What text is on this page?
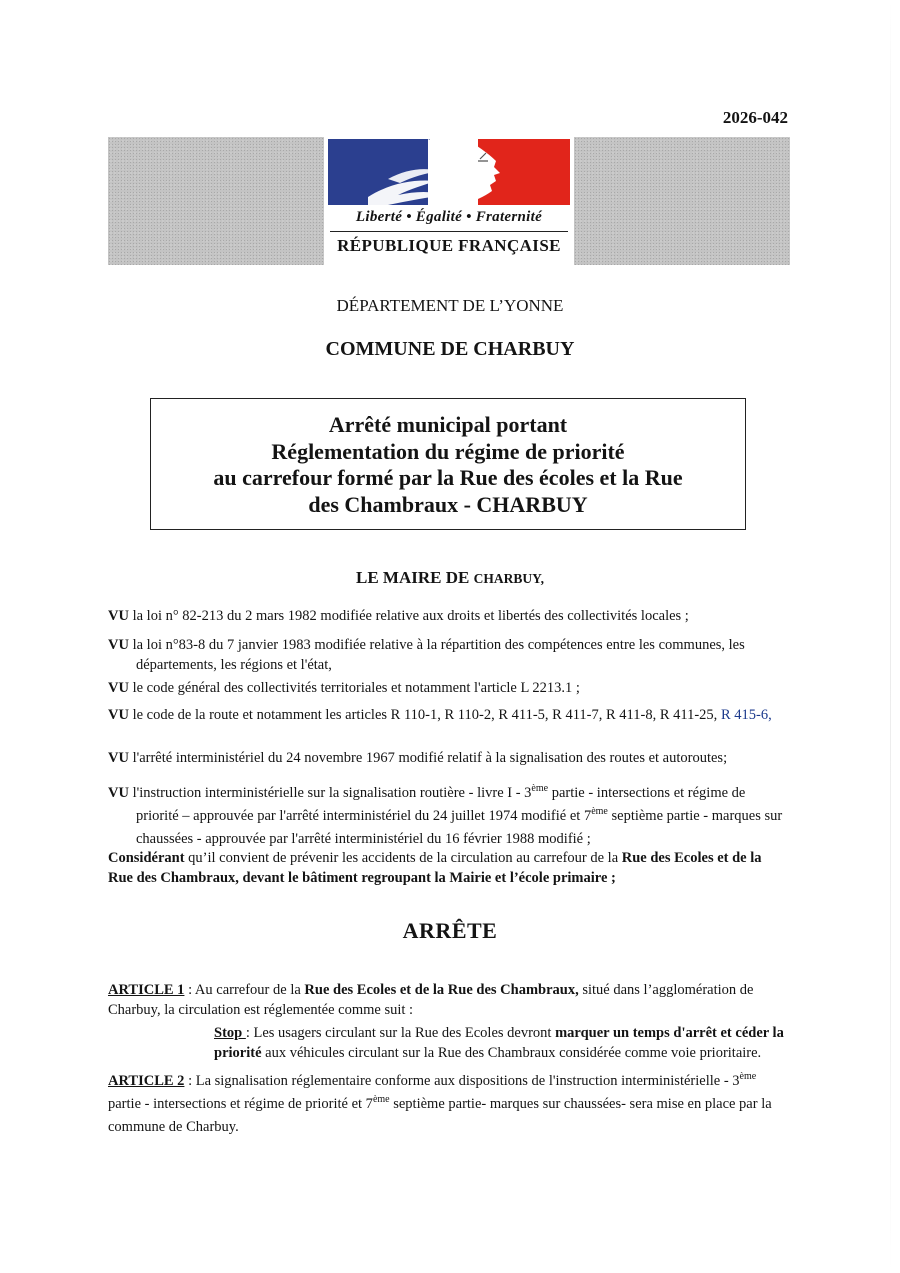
2026-042
Liberté • Égalité • Fraternité
RÉPUBLIQUE FRANÇAISE
DÉPARTEMENT DE L’YONNE
COMMUNE DE CHARBUY
Arrêté municipal portant
Réglementation du régime de priorité
au carrefour formé par la Rue des écoles et la Rue
des Chambraux - CHARBUY
LE MAIRE DE CHARBUY,
VU la loi n° 82-213 du 2 mars 1982 modifiée relative aux droits et libertés des collectivités locales ;
VU la loi n°83-8 du 7 janvier 1983 modifiée relative à la répartition des compétences entre les communes, les départements, les régions et l'état,
VU le code général des collectivités territoriales et notamment l'article L 2213.1 ;
VU le code de la route et notamment les articles R 110-1, R 110-2, R 411-5, R 411-7, R 411-8, R 411-25, R 415-6,
VU l'arrêté interministériel du 24 novembre 1967 modifié relatif à la signalisation des routes et autoroutes;
VU l'instruction interministérielle sur la signalisation routière - livre I - 3ème partie - intersections et régime de priorité – approuvée par l'arrêté interministériel du 24 juillet 1974 modifié et 7ème septième partie - marques sur chaussées - approuvée par l'arrêté interministériel du 16 février 1988 modifié ;
Considérant qu’il convient de prévenir les accidents de la circulation au carrefour de la Rue des Ecoles et de la Rue des Chambraux, devant le bâtiment regroupant la Mairie et l’école primaire ;
ARRÊTE
ARTICLE 1 : Au carrefour de la Rue des Ecoles et de la Rue des Chambraux, situé dans l’agglomération de Charbuy, la circulation est réglementée comme suit :
Stop : Les usagers circulant sur la Rue des Ecoles devront marquer un temps d'arrêt et céder la priorité aux véhicules circulant sur la Rue des Chambraux considérée comme voie prioritaire.
ARTICLE 2 : La signalisation réglementaire conforme aux dispositions de l'instruction interministérielle - 3ème partie - intersections et régime de priorité et 7ème septième partie- marques sur chaussées- sera mise en place par la commune de Charbuy.
